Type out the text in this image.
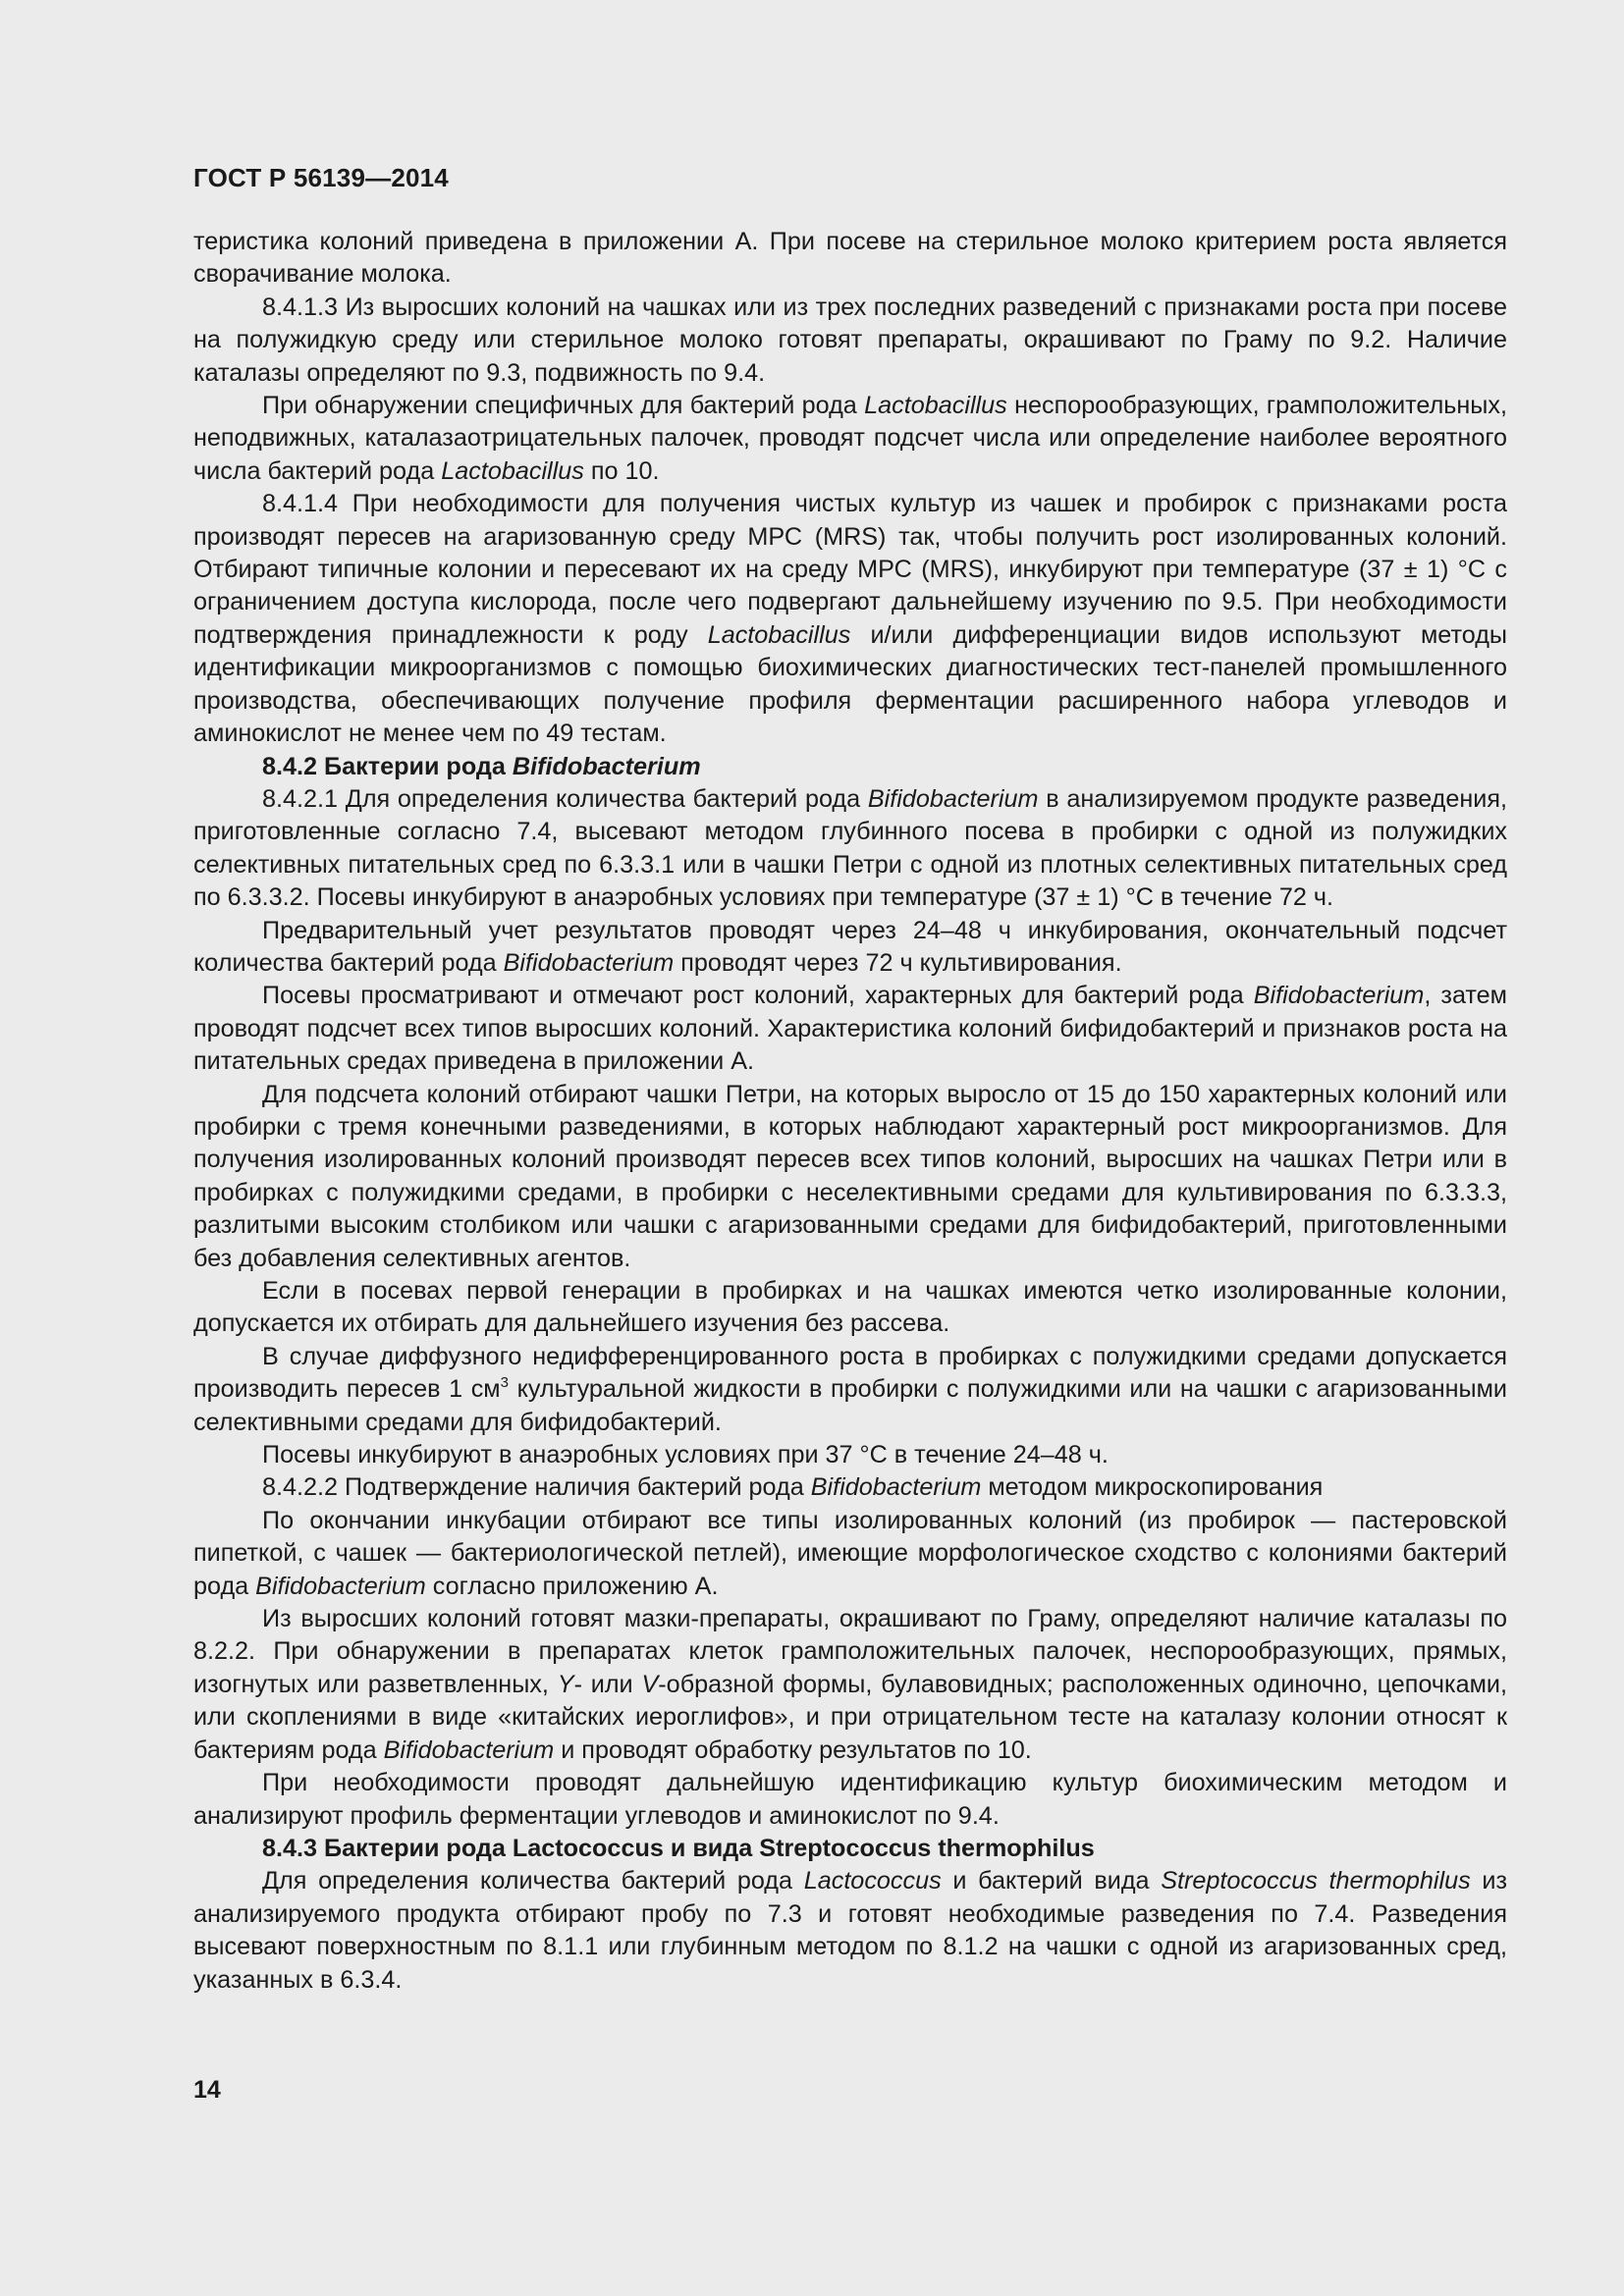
ГОСТ Р 56139—2014

теристика колоний приведена в приложении А. При посеве на стерильное молоко критерием роста является сворачивание молока.

8.4.1.3 Из выросших колоний на чашках или из трех последних разведений с признаками роста при посеве на полужидкую среду или стерильное молоко готовят препараты, окрашивают по Граму по 9.2. Наличие каталазы определяют по 9.3, подвижность по 9.4.

При обнаружении специфичных для бактерий рода Lactobacillus неспорообразующих, грамположительных, неподвижных, каталазаотрицательных палочек, проводят подсчет числа или определение наиболее вероятного числа бактерий рода Lactobacillus по 10.

8.4.1.4 При необходимости для получения чистых культур из чашек и пробирок с признаками роста производят пересев на агаризованную среду МРС (MRS) так, чтобы получить рост изолированных колоний. Отбирают типичные колонии и пересевают их на среду МРС (MRS), инкубируют при температуре (37 ± 1) °С с ограничением доступа кислорода, после чего подвергают дальнейшему изучению по 9.5. При необходимости подтверждения принадлежности к роду Lactobacillus и/или дифференциации видов используют методы идентификации микроорганизмов с помощью биохимических диагностических тест-панелей промышленного производства, обеспечивающих получение профиля ферментации расширенного набора углеводов и аминокислот не менее чем по 49 тестам.

8.4.2 Бактерии рода Bifidobacterium

8.4.2.1 Для определения количества бактерий рода Bifidobacterium в анализируемом продукте разведения, приготовленные согласно 7.4, высевают методом глубинного посева в пробирки с одной из полужидких селективных питательных сред по 6.3.3.1 или в чашки Петри с одной из плотных селективных питательных сред по 6.3.3.2. Посевы инкубируют в анаэробных условиях при температуре (37 ± 1) °С в течение 72 ч.

Предварительный учет результатов проводят через 24–48 ч инкубирования, окончательный подсчет количества бактерий рода Bifidobacterium проводят через 72 ч культивирования.

Посевы просматривают и отмечают рост колоний, характерных для бактерий рода Bifidobacterium, затем проводят подсчет всех типов выросших колоний. Характеристика колоний бифидобактерий и признаков роста на питательных средах приведена в приложении А.

Для подсчета колоний отбирают чашки Петри, на которых выросло от 15 до 150 характерных колоний или пробирки с тремя конечными разведениями, в которых наблюдают характерный рост микроорганизмов. Для получения изолированных колоний производят пересев всех типов колоний, выросших на чашках Петри или в пробирках с полужидкими средами, в пробирки с неселективными средами для культивирования по 6.3.3.3, разлитыми высоким столбиком или чашки с агаризованными средами для бифидобактерий, приготовленными без добавления селективных агентов.

Если в посевах первой генерации в пробирках и на чашках имеются четко изолированные колонии, допускается их отбирать для дальнейшего изучения без рассева.

В случае диффузного недифференцированного роста в пробирках с полужидкими средами допускается производить пересев 1 $см^3$ культуральной жидкости в пробирки с полужидкими или на чашки с агаризованными селективными средами для бифидобактерий.

Посевы инкубируют в анаэробных условиях при 37 °С в течение 24–48 ч.

8.4.2.2 Подтверждение наличия бактерий рода Bifidobacterium методом микроскопирования

По окончании инкубации отбирают все типы изолированных колоний (из пробирок — пастеровской пипеткой, с чашек — бактериологической петлей), имеющие морфологическое сходство с колониями бактерий рода Bifidobacterium согласно приложению А.

Из выросших колоний готовят мазки-препараты, окрашивают по Граму, определяют наличие каталазы по 8.2.2. При обнаружении в препаратах клеток грамположительных палочек, неспорообразующих, прямых, изогнутых или разветвленных, Y- или V-образной формы, булавовидных; расположенных одиночно, цепочками, или скоплениями в виде «китайских иероглифов», и при отрицательном тесте на каталазу колонии относят к бактериям рода Bifidobacterium и проводят обработку результатов по 10.

При необходимости проводят дальнейшую идентификацию культур биохимическим методом и анализируют профиль ферментации углеводов и аминокислот по 9.4.

8.4.3 Бактерии рода Lactococcus и вида Streptococcus thermophilus

Для определения количества бактерий рода Lactococcus и бактерий вида Streptococcus thermophilus из анализируемого продукта отбирают пробу по 7.3 и готовят необходимые разведения по 7.4. Разведения высевают поверхностным по 8.1.1 или глубинным методом по 8.1.2 на чашки с одной из агаризованных сред, указанных в 6.3.4.

14
